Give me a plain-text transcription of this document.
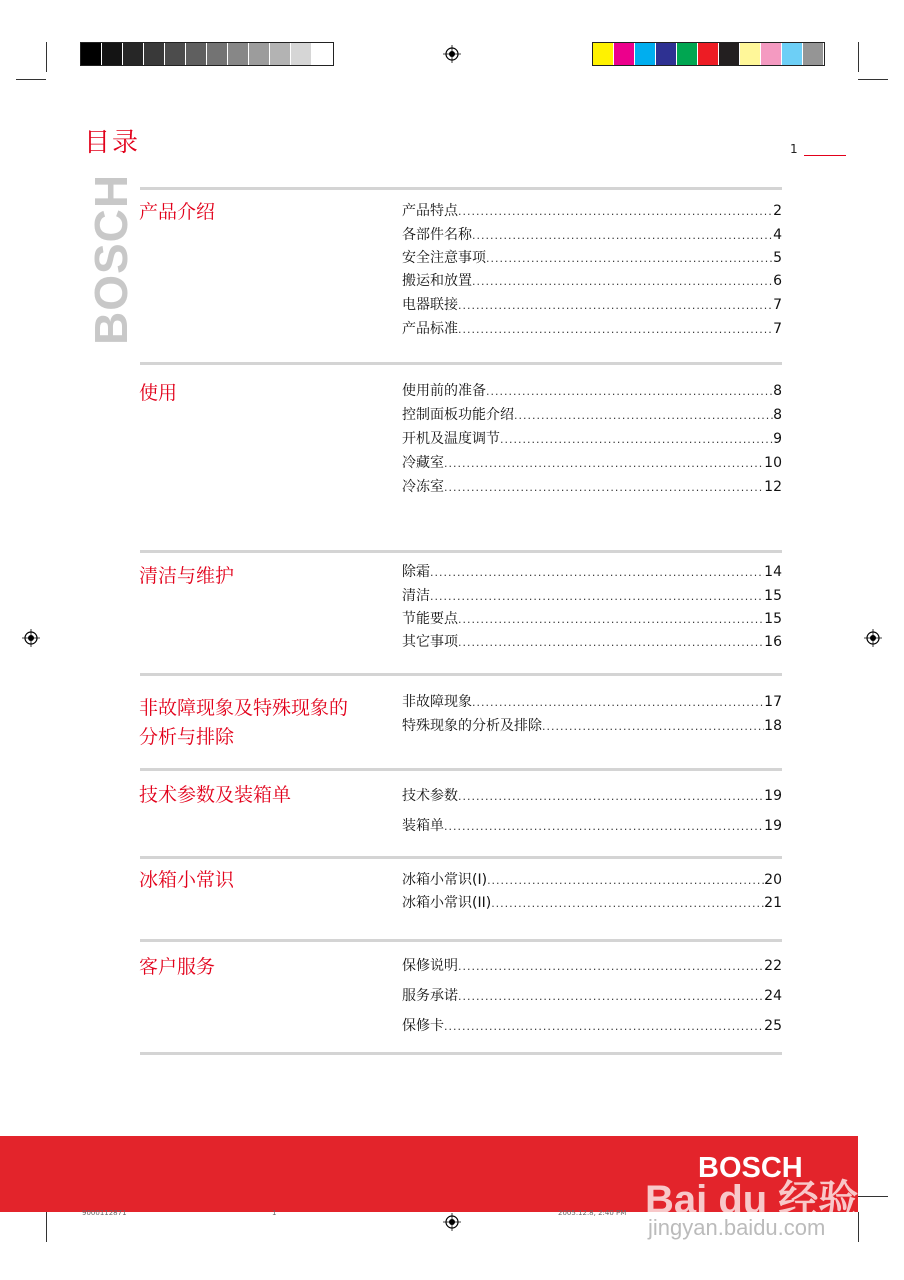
目录	1
BOSCH 产品介绍	产品特点 .....	2
各部件名称 .....	4
安全注意事项 .....	5
搬运和放置 .....	6
电器联接 .....	7
产品标准 .....	7
使用	使用前的准备 .....	8
控制面板功能介绍 .....	8
开机及温度调节 .....	9
冷藏室 .....	10
冷冻室 .....	12
清洁与维护	除霜 .....	14
清洁 .....	15
节能要点 .....	15
其它事项 .....	16
非故障现象及特殊现象的
分析与排除
非故障现象 .....	17
特殊现象的分析及排除 .....	18
技术参数及装箱单	技术参数 .....	19
装箱单 .....	19
冰箱小常识	冰箱小常识(I) .....	20
冰箱小常识(II) .....	21
客户服务	保修说明 .....	22
服务承诺 .....	24
保修卡 .....	25
BOSCH
Bai du 经验
jingyan.baidu.com
9000112871	1	2005.12.8, 2:40 PM
